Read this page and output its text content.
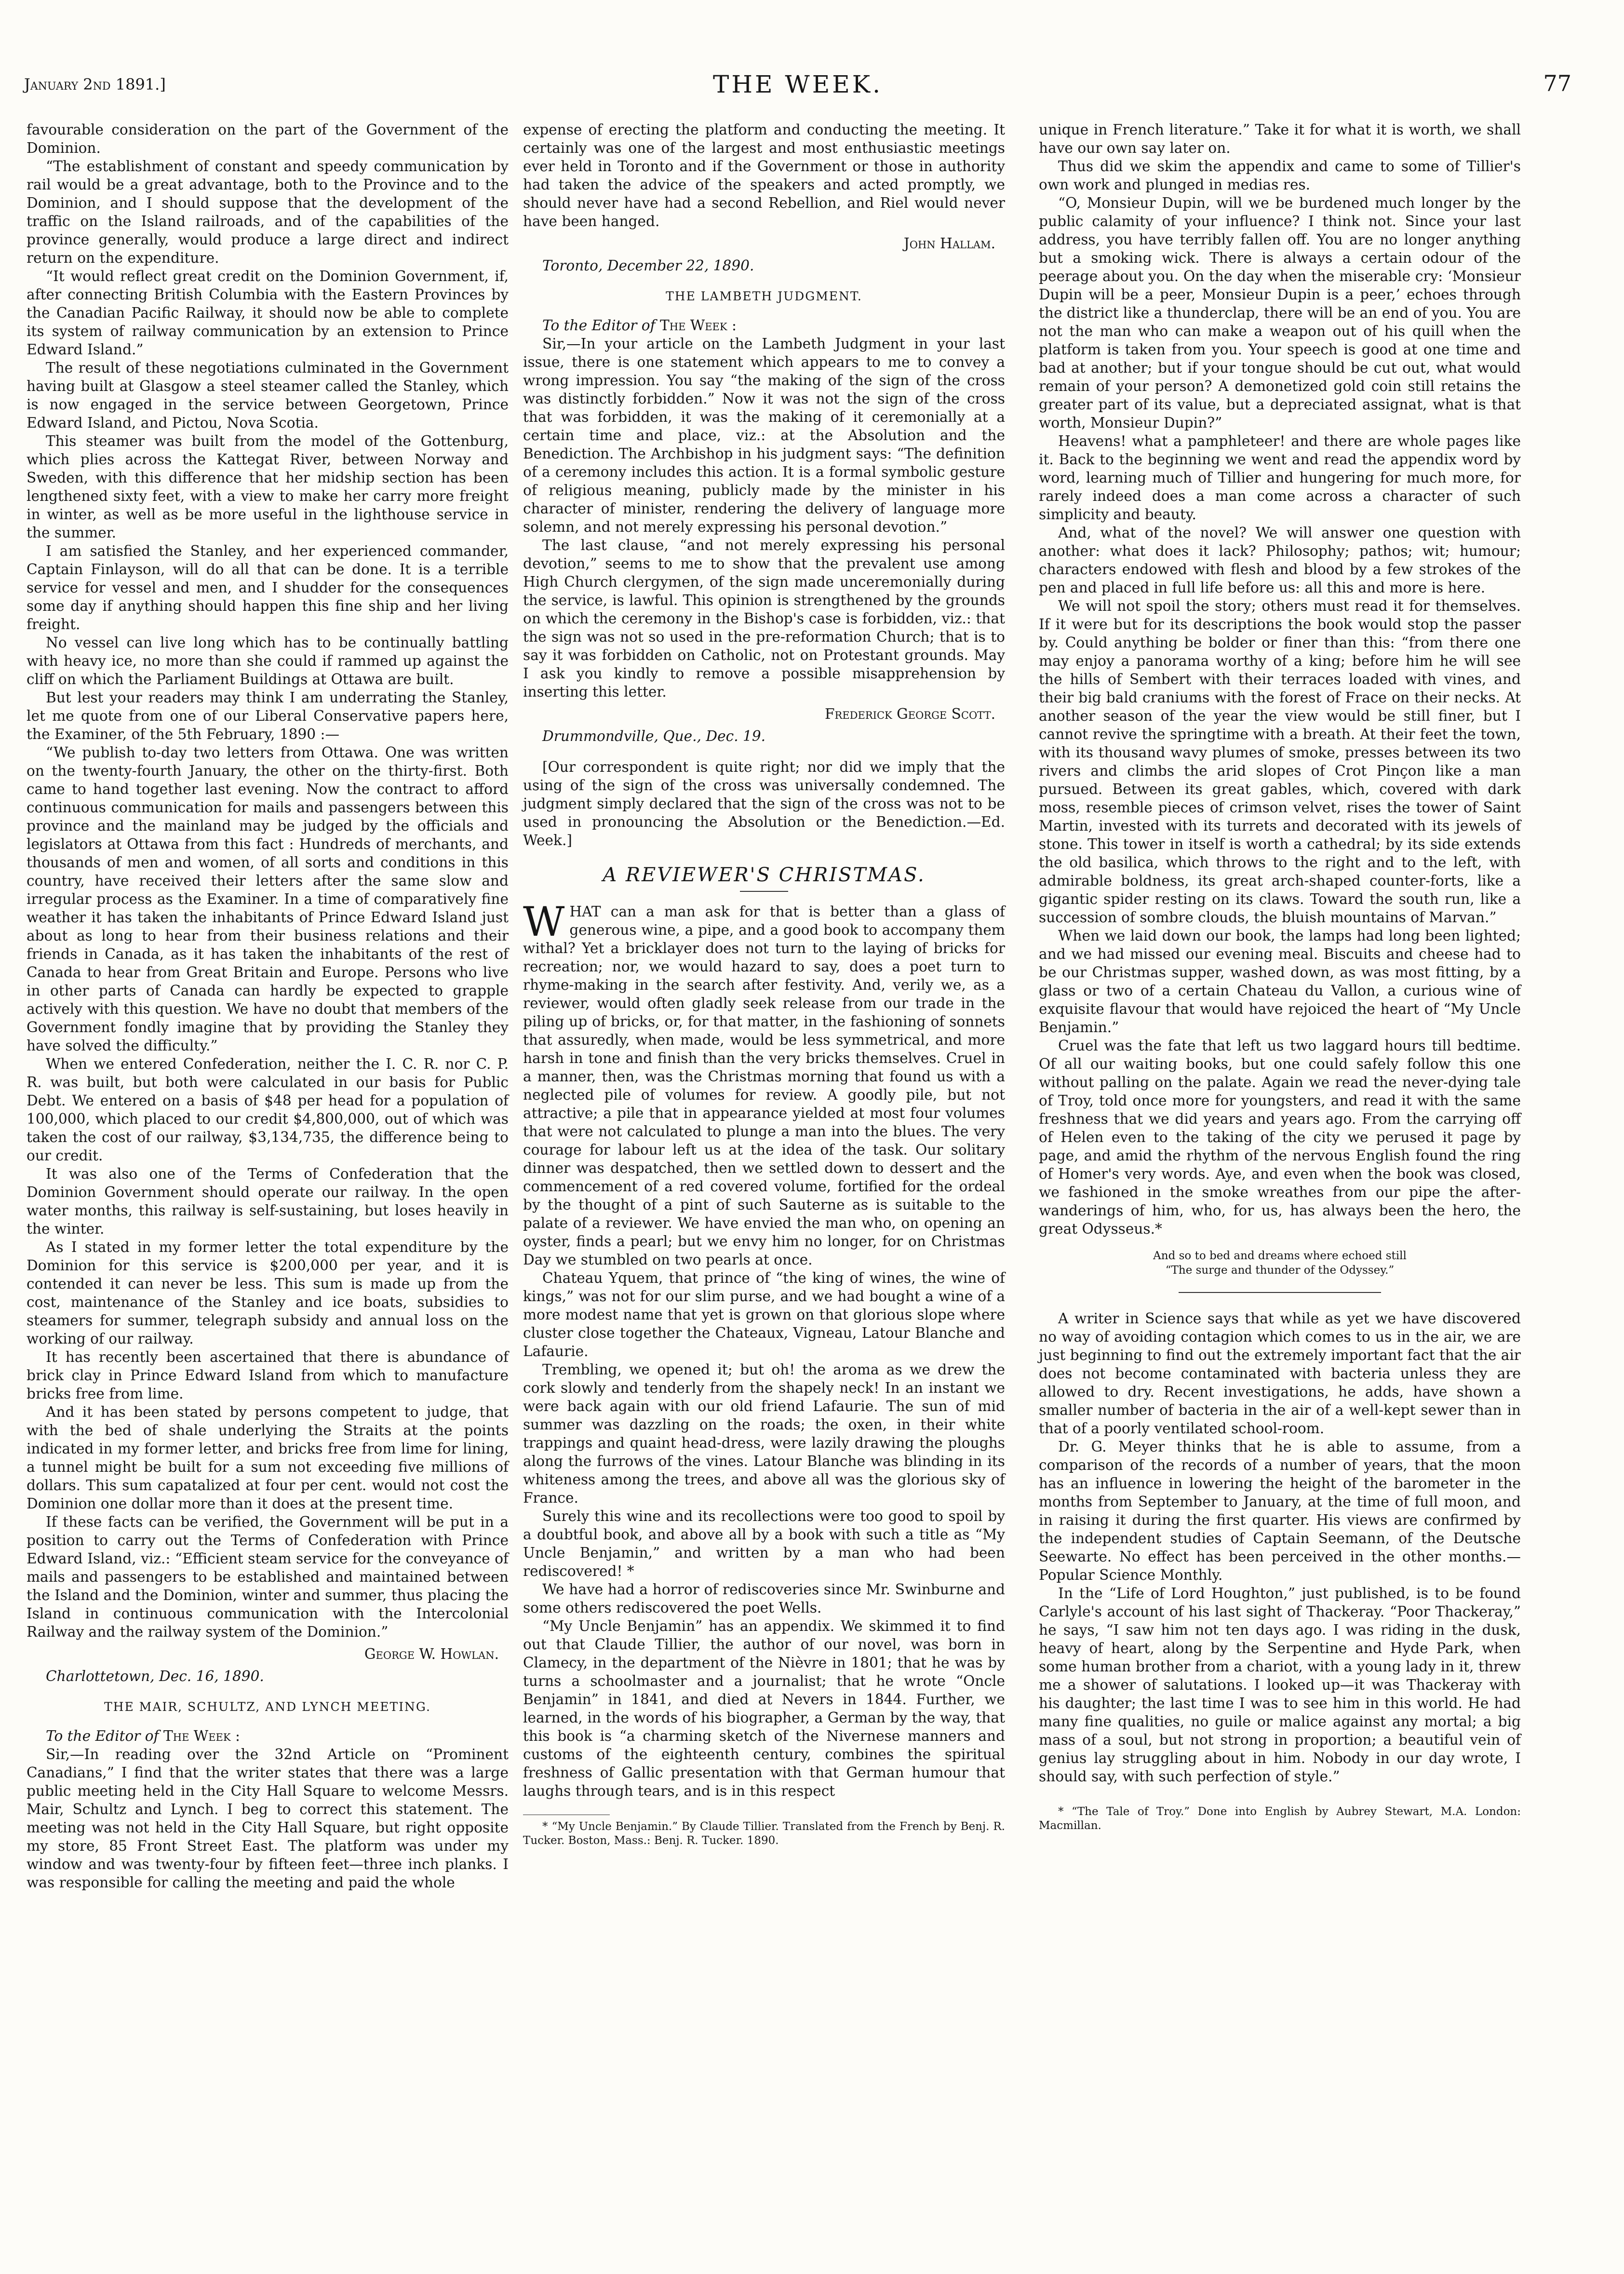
January 2nd 1891.]	THE WEEK.	77

favourable consideration on the part of the Government of the Dominion.

“The establishment of constant and speedy communication by rail would be a great advantage, both to the Province and to the Dominion, and I should suppose that the development of the traffic on the Island railroads, and of the capabilities of the province generally, would produce a large direct and indirect return on the expenditure.

“It would reflect great credit on the Dominion Government, if, after connecting British Columbia with the Eastern Provinces by the Canadian Pacific Railway, it should now be able to complete its system of railway communication by an extension to Prince Edward Island.”

The result of these negotiations culminated in the Government having built at Glasgow a steel steamer called the Stanley, which is now engaged in the service between Georgetown, Prince Edward Island, and Pictou, Nova Scotia.

This steamer was built from the model of the Gottenburg, which plies across the Kattegat River, between Norway and Sweden, with this difference that her midship section has been lengthened sixty feet, with a view to make her carry more freight in winter, as well as be more useful in the lighthouse service in the summer.

I am satisfied the Stanley, and her experienced commander, Captain Finlayson, will do all that can be done. It is a terrible service for vessel and men, and I shudder for the consequences some day if anything should happen this fine ship and her living freight.

No vessel can live long which has to be continually battling with heavy ice, no more than she could if rammed up against the cliff on which the Parliament Buildings at Ottawa are built.

But lest your readers may think I am underrating the Stanley, let me quote from one of our Liberal Conservative papers here, the Examiner, of the 5th February, 1890 :—

“We publish to-day two letters from Ottawa. One was written on the twenty-fourth January, the other on the thirty-first. Both came to hand together last evening. Now the contract to afford continuous communication for mails and passengers between this province and the mainland may be judged by the officials and legislators at Ottawa from this fact : Hundreds of merchants, and thousands of men and women, of all sorts and conditions in this country, have received their letters after the same slow and irregular process as the Examiner. In a time of comparatively fine weather it has taken the inhabitants of Prince Edward Island just about as long to hear from their business relations and their friends in Canada, as it has taken the inhabitants of the rest of Canada to hear from Great Britain and Europe. Persons who live in other parts of Canada can hardly be expected to grapple actively with this question. We have no doubt that members of the Government fondly imagine that by providing the Stanley they have solved the difficulty.”

When we entered Confederation, neither the I. C. R. nor C. P. R. was built, but both were calculated in our basis for Public Debt. We entered on a basis of $48 per head for a population of 100,000, which placed to our credit $4,800,000, out of which was taken the cost of our railway, $3,134,735, the difference being to our credit.

It was also one of the Terms of Confederation that the Dominion Government should operate our railway. In the open water months, this railway is self-sustaining, but loses heavily in the winter.

As I stated in my former letter the total expenditure by the Dominion for this service is $200,000 per year, and it is contended it can never be less. This sum is made up from the cost, maintenance of the Stanley and ice boats, subsidies to steamers for summer, telegraph subsidy and annual loss on the working of our railway.

It has recently been ascertained that there is abundance of brick clay in Prince Edward Island from which to manufacture bricks free from lime.

And it has been stated by persons competent to judge, that with the bed of shale underlying the Straits at the points indicated in my former letter, and bricks free from lime for lining, a tunnel might be built for a sum not exceeding five millions of dollars. This sum capatalized at four per cent. would not cost the Dominion one dollar more than it does at the present time.

If these facts can be verified, the Government will be put in a position to carry out the Terms of Confederation with Prince Edward Island, viz.: “Efficient steam service for the conveyance of mails and passengers to be established and maintained between the Island and the Dominion, winter and summer, thus placing the Island in continuous communication with the Intercolonial Railway and the railway system of the Dominion.”

George W. Howlan.
Charlottetown, Dec. 16, 1890.
THE MAIR, SCHULTZ, AND LYNCH MEETING.

To the Editor of The Week :

Sir,—In reading over the 32nd Article on “Prominent Canadians,” I find that the writer states that there was a large public meeting held in the City Hall Square to welcome Messrs. Mair, Schultz and Lynch. I beg to correct this statement. The meeting was not held in the City Hall Square, but right opposite my store, 85 Front Street East. The platform was under my window and was twenty-four by fifteen feet—three inch planks. I was responsible for calling the meeting and paid the whole

expense of erecting the platform and conducting the meeting. It certainly was one of the largest and most enthusiastic meetings ever held in Toronto and if the Government or those in authority had taken the advice of the speakers and acted promptly, we should never have had a second Rebellion, and Riel would never have been hanged.

John Hallam.
Toronto, December 22, 1890.
THE LAMBETH JUDGMENT.

To the Editor of The Week :

Sir,—In your article on the Lambeth Judgment in your last issue, there is one statement which appears to me to convey a wrong impression. You say “the making of the sign of the cross was distinctly forbidden.” Now it was not the sign of the cross that was forbidden, it was the making of it ceremonially at a certain time and place, viz.: at the Absolution and the Benediction. The Archbishop in his judgment says: “The definition of a ceremony includes this action. It is a formal symbolic gesture of religious meaning, publicly made by the minister in his character of minister, rendering the delivery of language more solemn, and not merely expressing his personal devotion.”

The last clause, “and not merely expressing his personal devotion,” seems to me to show that the prevalent use among High Church clergymen, of the sign made unceremonially during the service, is lawful. This opinion is strengthened by the grounds on which the ceremony in the Bishop's case is forbidden, viz.: that the sign was not so used in the pre-reformation Church; that is to say it was forbidden on Catholic, not on Protestant grounds. May I ask you kindly to remove a possible misapprehension by inserting this letter.

Frederick George Scott.
Drummondville, Que., Dec. 19.

[Our correspondent is quite right; nor did we imply that the using of the sign of the cross was universally condemned. The judgment simply declared that the sign of the cross was not to be used in pronouncing the Absolution or the Benediction.—Ed. Week.]

A REVIEWER'S CHRISTMAS.

WHAT can a man ask for that is better than a glass of generous wine, a pipe, and a good book to accompany them withal? Yet a bricklayer does not turn to the laying of bricks for recreation; nor, we would hazard to say, does a poet turn to rhyme-making in the search after festivity. And, verily we, as a reviewer, would often gladly seek release from our trade in the piling up of bricks, or, for that matter, in the fashioning of sonnets that assuredly, when made, would be less symmetrical, and more harsh in tone and finish than the very bricks themselves. Cruel in a manner, then, was the Christmas morning that found us with a neglected pile of volumes for review. A goodly pile, but not attractive; a pile that in appearance yielded at most four volumes that were not calculated to plunge a man into the blues. The very courage for labour left us at the idea of the task. Our solitary dinner was despatched, then we settled down to dessert and the commencement of a red covered volume, fortified for the ordeal by the thought of a pint of such Sauterne as is suitable to the palate of a reviewer. We have envied the man who, on opening an oyster, finds a pearl; but we envy him no longer, for on Christmas Day we stumbled on two pearls at once.

Chateau Yquem, that prince of “the king of wines, the wine of kings,” was not for our slim purse, and we had bought a wine of a more modest name that yet is grown on that glorious slope where cluster close together the Chateaux, Vigneau, Latour Blanche and Lafaurie.

Trembling, we opened it; but oh! the aroma as we drew the cork slowly and tenderly from the shapely neck! In an instant we were back again with our old friend Lafaurie. The sun of mid summer was dazzling on the roads; the oxen, in their white trappings and quaint head-dress, were lazily drawing the ploughs along the furrows of the vines. Latour Blanche was blinding in its whiteness among the trees, and above all was the glorious sky of France.

Surely this wine and its recollections were too good to spoil by a doubtful book, and above all by a book with such a title as “My Uncle Benjamin,” and written by a man who had been rediscovered! *

We have had a horror of rediscoveries since Mr. Swinburne and some others rediscovered the poet Wells.

“My Uncle Benjamin” has an appendix. We skimmed it to find out that Claude Tillier, the author of our novel, was born in Clamecy, in the department of the Nièvre in 1801; that he was by turns a schoolmaster and a journalist; that he wrote “Oncle Benjamin” in 1841, and died at Nevers in 1844. Further, we learned, in the words of his biographer, a German by the way, that this book is “a charming sketch of the Nivernese manners and customs of the eighteenth century, combines the spiritual freshness of Gallic presentation with that German humour that laughs through tears, and is in this respect

* “My Uncle Benjamin.” By Claude Tillier. Translated from the French by Benj. R. Tucker. Boston, Mass.: Benj. R. Tucker. 1890.

unique in French literature.” Take it for what it is worth, we shall have our own say later on.

Thus did we skim the appendix and came to some of Tillier's own work and plunged in medias res.

“O, Monsieur Dupin, will we be burdened much longer by the public calamity of your influence? I think not. Since your last address, you have terribly fallen off. You are no longer anything but a smoking wick. There is always a certain odour of the peerage about you. On the day when the miserable cry: ‘Monsieur Dupin will be a peer, Monsieur Dupin is a peer,’ echoes through the district like a thunderclap, there will be an end of you. You are not the man who can make a weapon out of his quill when the platform is taken from you. Your speech is good at one time and bad at another; but if your tongue should be cut out, what would remain of your person? A demonetized gold coin still retains the greater part of its value, but a depreciated assignat, what is that worth, Monsieur Dupin?”

Heavens! what a pamphleteer! and there are whole pages like it. Back to the beginning we went and read the appendix word by word, learning much of Tillier and hungering for much more, for rarely indeed does a man come across a character of such simplicity and beauty.

And, what of the novel? We will answer one question with another: what does it lack? Philosophy; pathos; wit; humour; characters endowed with flesh and blood by a few strokes of the pen and placed in full life before us: all this and more is here.

We will not spoil the story; others must read it for themselves. If it were but for its descriptions the book would stop the passer by. Could anything be bolder or finer than this: “from there one may enjoy a panorama worthy of a king; before him he will see the hills of Sembert with their terraces loaded with vines, and their big bald craniums with the forest of Frace on their necks. At another season of the year the view would be still finer, but I cannot revive the springtime with a breath. At their feet the town, with its thousand wavy plumes of smoke, presses between its two rivers and climbs the arid slopes of Crot Pinçon like a man pursued. Between its great gables, which, covered with dark moss, resemble pieces of crimson velvet, rises the tower of Saint Martin, invested with its turrets and decorated with its jewels of stone. This tower in itself is worth a cathedral; by its side extends the old basilica, which throws to the right and to the left, with admirable boldness, its great arch-shaped counter-forts, like a gigantic spider resting on its claws. Toward the south run, like a succession of sombre clouds, the bluish mountains of Marvan.”

When we laid down our book, the lamps had long been lighted; and we had missed our evening meal. Biscuits and cheese had to be our Christmas supper, washed down, as was most fitting, by a glass or two of a certain Chateau du Vallon, a curious wine of exquisite flavour that would have rejoiced the heart of “My Uncle Benjamin.”

Cruel was the fate that left us two laggard hours till bedtime. Of all our waiting books, but one could safely follow this one without palling on the palate. Again we read the never-dying tale of Troy, told once more for youngsters, and read it with the same freshness that we did years and years ago. From the carrying off of Helen even to the taking of the city we perused it page by page, and amid the rhythm of the nervous English found the ring of Homer's very words. Aye, and even when the book was closed, we fashioned in the smoke wreathes from our pipe the after-wanderings of him, who, for us, has always been the hero, the great Odysseus.*

And so to bed and dreams where echoed still
“The surge and thunder of the Odyssey.”

A writer in Science says that while as yet we have discovered no way of avoiding contagion which comes to us in the air, we are just beginning to find out the extremely important fact that the air does not become contaminated with bacteria unless they are allowed to dry. Recent investigations, he adds, have shown a smaller number of bacteria in the air of a well-kept sewer than in that of a poorly ventilated school-room.

Dr. G. Meyer thinks that he is able to assume, from a comparison of the records of a number of years, that the moon has an influence in lowering the height of the barometer in the months from September to January, at the time of full moon, and in raising it during the first quarter. His views are confirmed by the independent studies of Captain Seemann, of the Deutsche Seewarte. No effect has been perceived in the other months.—Popular Science Monthly.

In the “Life of Lord Houghton,” just published, is to be found Carlyle's account of his last sight of Thackeray. “Poor Thackeray,” he says, “I saw him not ten days ago. I was riding in the dusk, heavy of heart, along by the Serpentine and Hyde Park, when some human brother from a chariot, with a young lady in it, threw me a shower of salutations. I looked up—it was Thackeray with his daughter; the last time I was to see him in this world. He had many fine qualities, no guile or malice against any mortal; a big mass of a soul, but not strong in proportion; a beautiful vein of genius lay struggling about in him. Nobody in our day wrote, I should say, with such perfection of style.”

* “The Tale of Troy.” Done into English by Aubrey Stewart, M.A. London: Macmillan.
